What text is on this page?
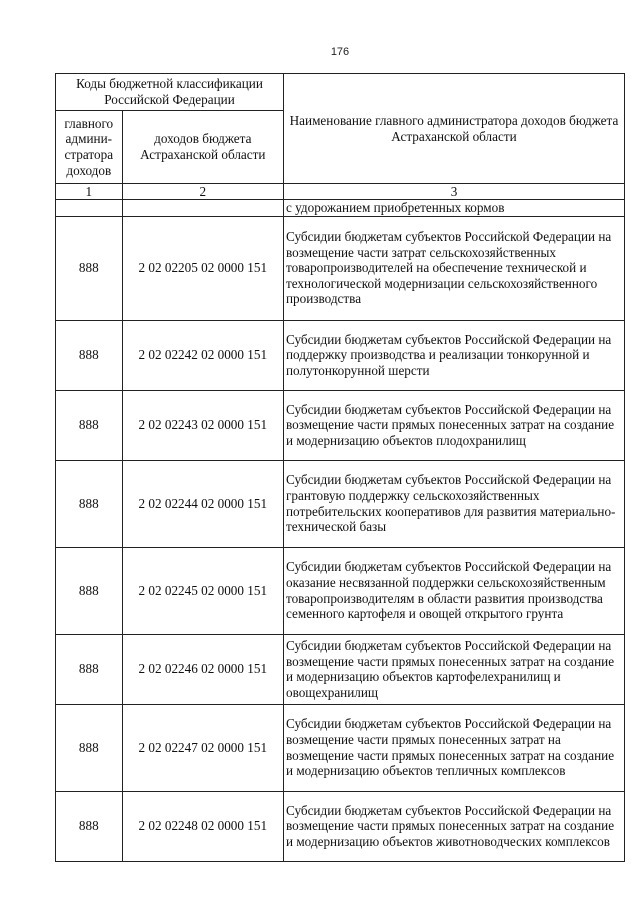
176
Коды бюджетной классификации Российской Федерации		Наименование главного администратора доходов бюджета Астраханской области
главного админи-стратора доходов	доходов бюджета Астраханской области	
1	2	3
		с удорожанием приобретенных кормов
888	2 02 02205 02 0000 151	Субсидии бюджетам субъектов Российской Федерации на возмещение части затрат сельскохозяйственных товаропроизводителей на обеспечение технической и технологической модернизации сельскохозяйственного производства
888	2 02 02242 02 0000 151	Субсидии бюджетам субъектов Российской Федерации на поддержку производства и реализации тонкорунной и полутонкорунной шерсти
888	2 02 02243 02 0000 151	Субсидии бюджетам субъектов Российской Федерации на возмещение части прямых понесенных затрат на создание и модернизацию объектов плодохранилищ
888	2 02 02244 02 0000 151	Субсидии бюджетам субъектов Российской Федерации на грантовую поддержку сельскохозяйственных потребительских кооперативов для развития материально-технической базы
888	2 02 02245 02 0000 151	Субсидии бюджетам субъектов Российской Федерации на оказание несвязанной поддержки сельскохозяйственным товаропроизводителям в области развития производства семенного картофеля и овощей открытого грунта
888	2 02 02246 02 0000 151	Субсидии бюджетам субъектов Российской Федерации на возмещение части прямых понесенных затрат на создание и модернизацию объектов картофелехранилищ и овощехранилищ
888	2 02 02247 02 0000 151	Субсидии бюджетам субъектов Российской Федерации на возмещение части прямых понесенных затрат на возмещение части прямых понесенных затрат на создание и модернизацию объектов тепличных комплексов
888	2 02 02248 02 0000 151	Субсидии бюджетам субъектов Российской Федерации на возмещение части прямых понесенных затрат на создание и модернизацию объектов животноводческих комплексов
